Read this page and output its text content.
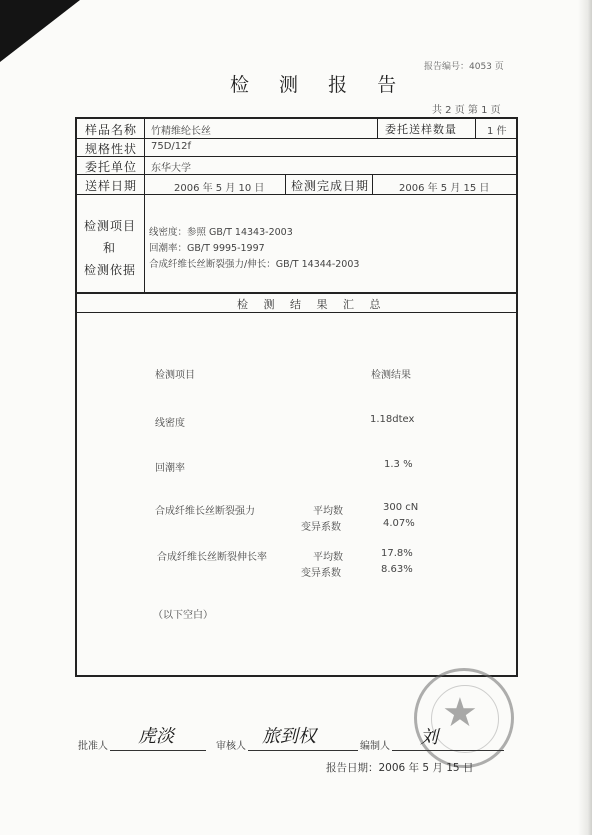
报告编号：4053 页
检 测 报 告
共 2 页 第 1 页
样品名称 竹精维纶长丝	委托送样数量	1 件
规格性状 75D/12f
委托单位 东华大学
送样日期	2006 年 5 月 10 日 检测完成日期	2006 年 5 月 15 日
检测项目
和
检测依据
线密度：参照 GB/T 14343-2003
回潮率：GB/T 9995-1997
合成纤维长丝断裂强力/伸长：GB/T 14344-2003
检 测 结 果 汇 总
检测项目	检测结果
线密度	1.18dtex
回潮率	1.3 %
合成纤维长丝断裂强力	平均数	300 cN
变异系数	4.07%
合成纤维长丝断裂伸长率	平均数	17.8%
变异系数	8.63%
（以下空白）
★
批准人 虎淡	审核人 旅到权	编制人 刘
报告日期：2006 年 5 月 15 日
